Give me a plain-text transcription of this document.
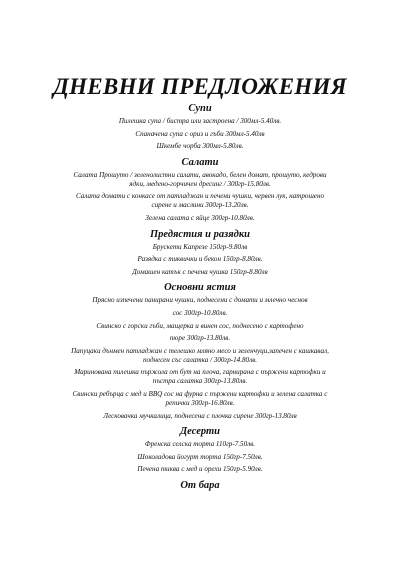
ДНЕВНИ ПРЕДЛОЖЕНИЯ
Супи
Пилешка супа / бистра или застроена / 300мл-5.40лв.
Спаначена супа с ориз и гъби 300мл-5.40лв
Шкембе чорба 300мл-5.80лв.
Салати
Салата Прошуто / зеленолистни салати, авокадо, белен домат, прошуто, кедрови ядки, медено-горчичен дресинг / 300гр-15.80лв.
Салата домати с конкасе от патладжан и печени чушки, червен лук, натрошено сирене и маслини 300гр-13.20лв.
Зелена салата с яйце 300гр-10.80лв.
Предястия и разядки
Брускети Капрезе 150гр-9.80лв
Разядка с тиквички и бекон 150гр-8.80лв.
Домашен катък с печена чушка 150гр-8.80лв
Основни ястия
Прясно изпечени панирани чушки, поднесени с домати и млечно чеснов
сос 300гр-10.80лв.
Свинско с горски гъби, мащерка и винен сос, поднесено с картофено
пюре 300гр-13.80лв.
Папуцаки дънмен патладжан с телешко мляно месо и зеленчуци,запечен с кашкавал, поднесен със салатка / 300гр-14.80лв.
Маринована пилешка пържола от бут на плоча, гарнирана с пържени картофки и пъстра салатка 300гр-13.80лв.
Свински ребърца с мед и BBQ сос на фурна с пържени картофки и зелена салатка с репички 300гр-16.80лв.
Лесковачка мучкалица, поднесена с плочка сирене 300гр-13.80лв
Десерти
Френска селска торта 110гр-7.50лв.
Шоколадова йогурт торта 150гр-7.50лв.
Печена тиква с мед и орехи 150гр-5.90лв.
От бара
